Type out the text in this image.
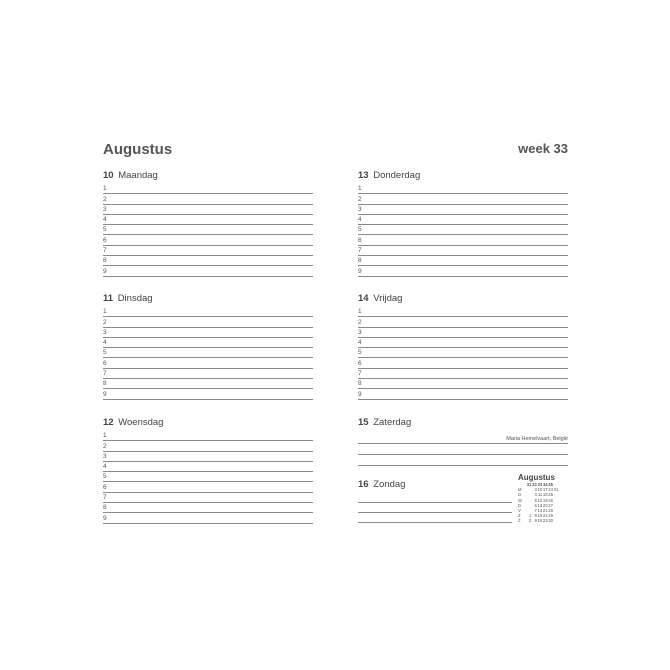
Augustus	week 33
10 Maandag
1
2
3
4
5
6
7
8
9
11 Dinsdag
1
2
3
4
5
6
7
8
9
12 Woensdag
1
2
3
4
5
6
7
8
9
13 Donderdag
1
2
3
4
5
6
7
8
9
14 Vrijdag
1
2
3
4
5
6
7
8
9
15 Zaterdag
Maria Hemelvaart, België
16 Zondag
Augustus
	31	32	33	34	35	
M		3	10	17	24	31
D		4	11	18	25	
W		5	12	19	26	
D		6	13	20	27	
V		7	14	21	28	
Z	1	8	15	22	29	
Z	2	9	16	23	30	
